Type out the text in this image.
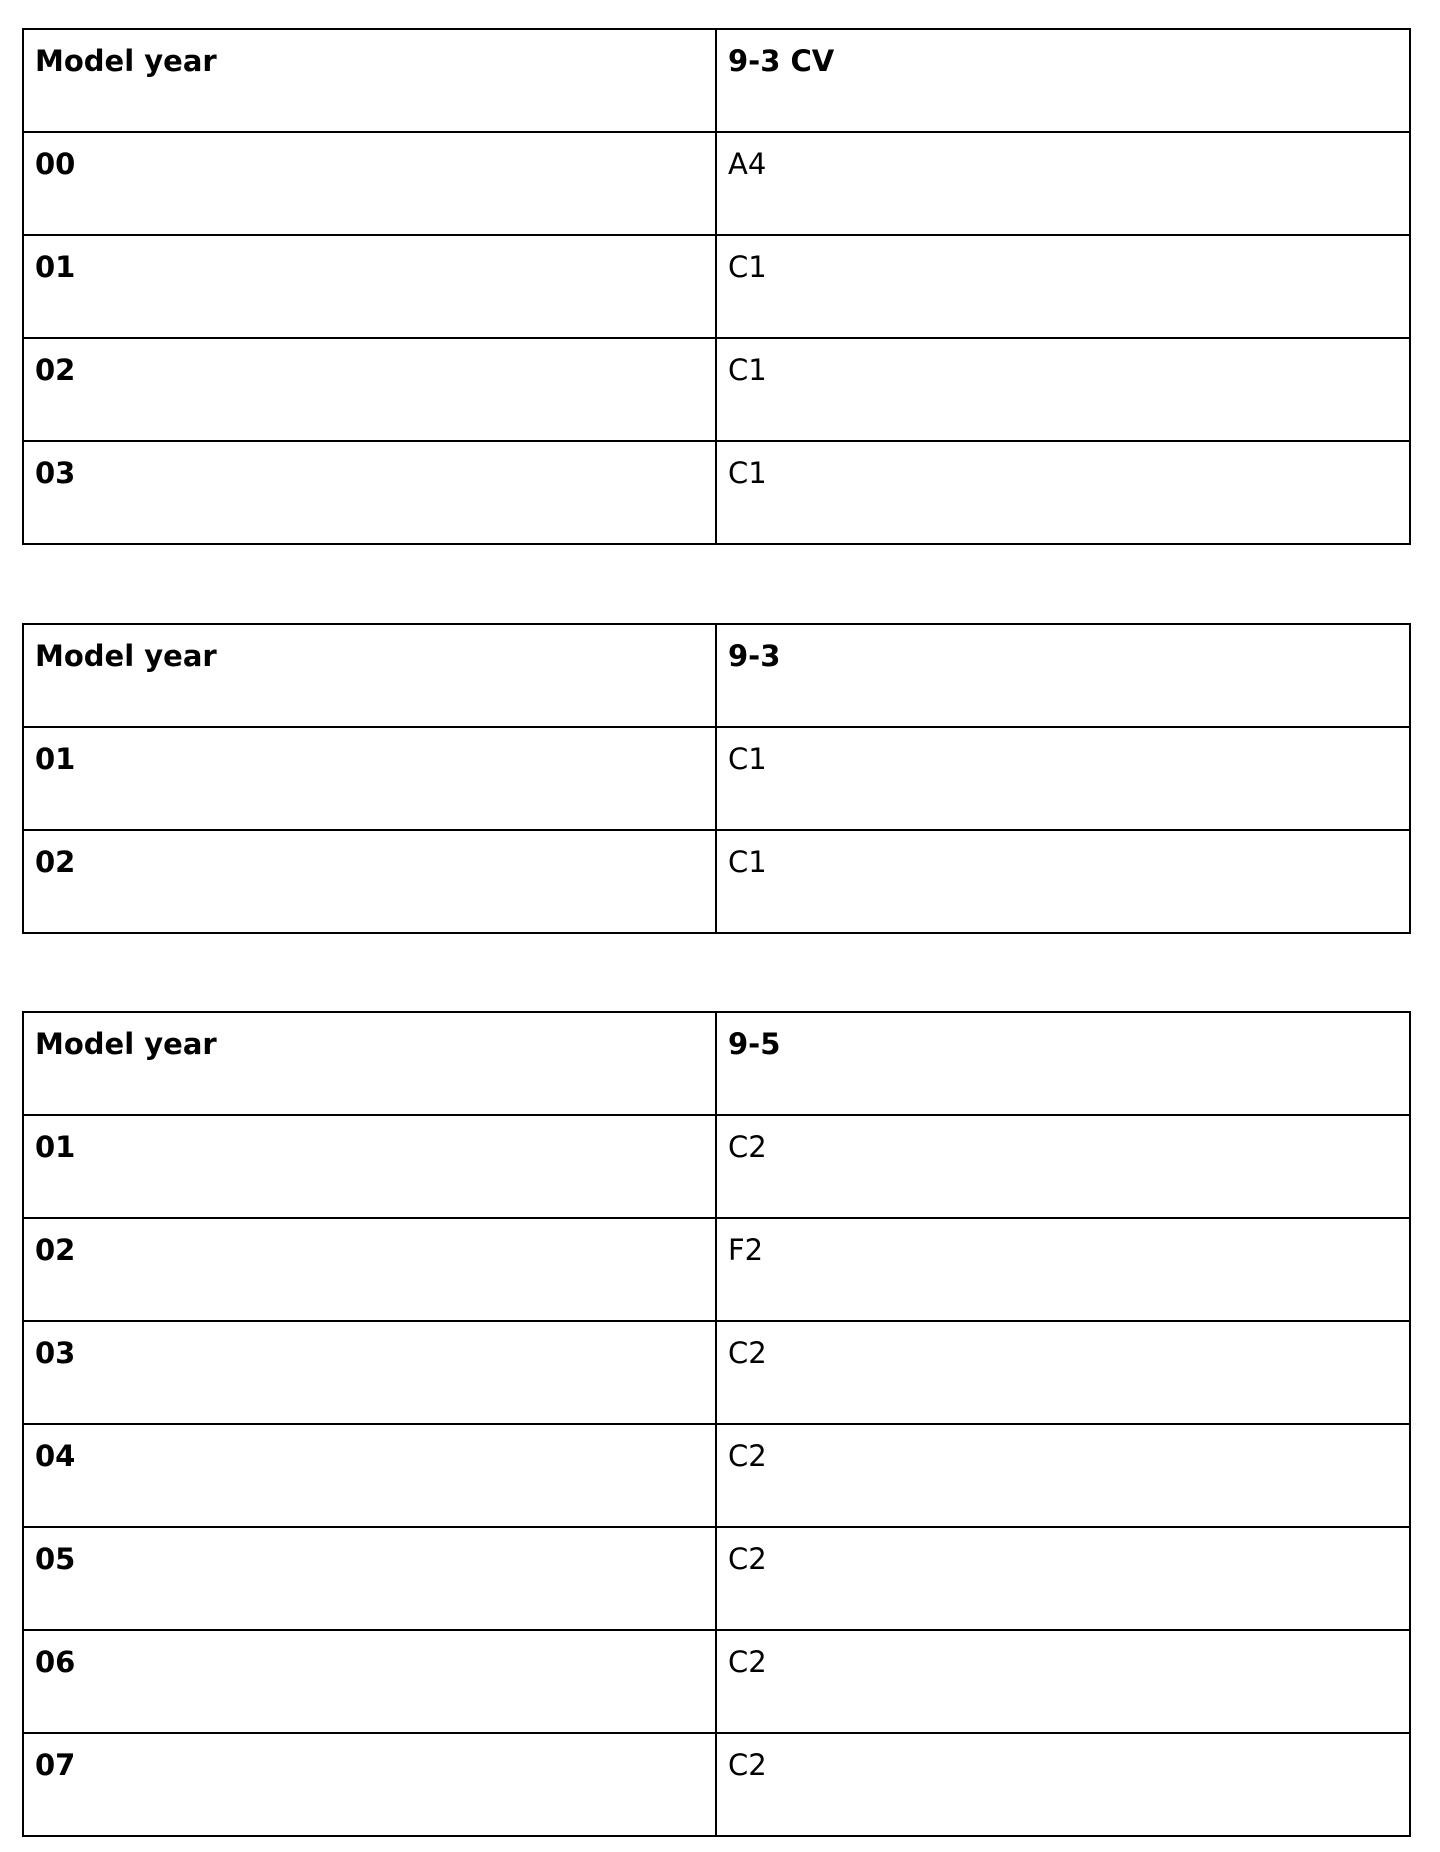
Model year	9-3 CV
00	A4
01	C1
02	C1
03	C1
Model year	9-3
01	C1
02	C1
Model year	9-5
01	C2
02	F2
03	C2
04	C2
05	C2
06	C2
07	C2
